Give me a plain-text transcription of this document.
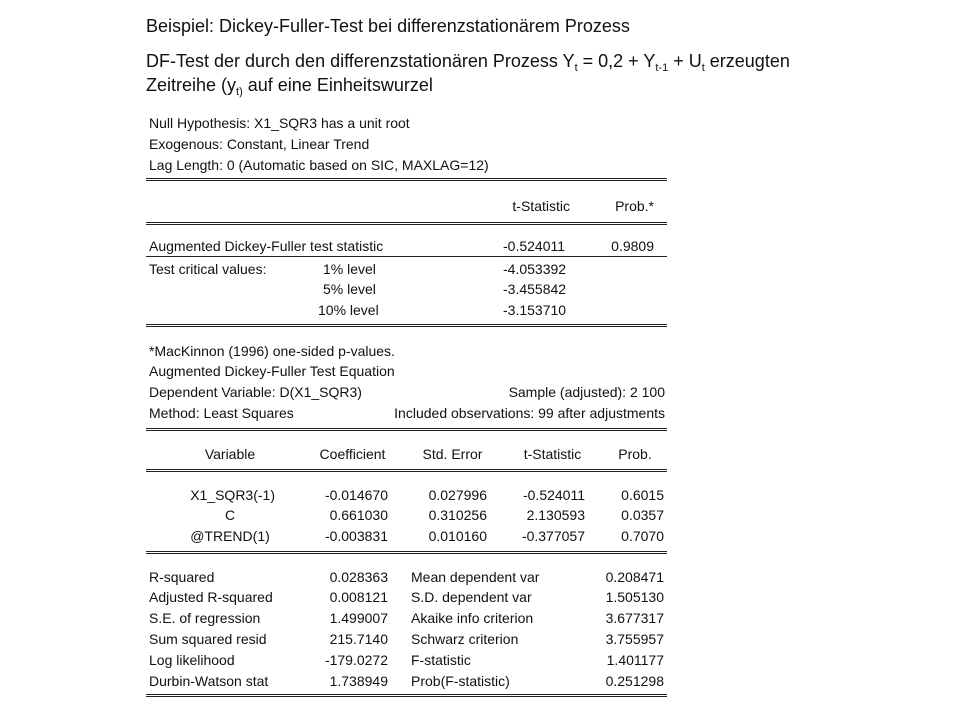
Beispiel: Dickey-Fuller-Test bei differenzstationärem Prozess
DF-Test der durch den differenzstationären Prozess $Y_t = 0,2 + Y_{t-1} + U_t$ erzeugten
Zeitreihe ($y_{t)}$ auf eine Einheitswurzel
Null Hypothesis: X1_SQR3 has a unit root
Exogenous: Constant, Linear Trend
Lag Length: 0 (Automatic based on SIC, MAXLAG=12)
t-Statistic	Prob.*
Augmented Dickey-Fuller test statistic	-0.524011	0.9809
Test critical values:	1% level	-4.053392
5% level	-3.455842
10% level	-3.153710
*MacKinnon (1996) one-sided p-values.
Augmented Dickey-Fuller Test Equation
Dependent Variable: D(X1_SQR3)	Sample (adjusted): 2 100
Method: Least Squares	Included observations: 99 after adjustments
Variable	Coefficient	Std. Error	t-Statistic	Prob.
X1_SQR3(-1)	-0.014670	0.027996	-0.524011	0.6015
C	0.661030	0.310256	2.130593	0.0357
@TREND(1)	-0.003831	0.010160	-0.377057	0.7070
R-squared	0.028363 Mean dependent var	0.208471
Adjusted R-squared	0.008121 S.D. dependent var	1.505130
S.E. of regression	1.499007 Akaike info criterion	3.677317
Sum squared resid	215.7140 Schwarz criterion	3.755957
Log likelihood	-179.0272 F-statistic	1.401177
Durbin-Watson stat	1.738949 Prob(F-statistic)	0.251298
